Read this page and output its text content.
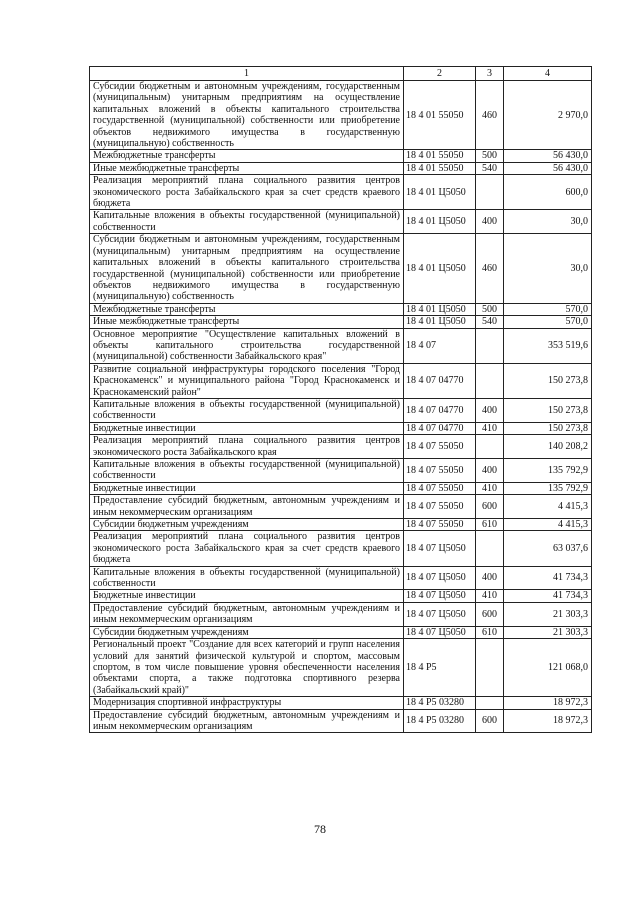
1	2	3	4
Субсидии бюджетным и автономным учреждениям, государственным (муниципальным) унитарным предприятиям на осуществление капитальных вложений в объекты капитального строительства государственной (муниципальной) собственности или приобретение объектов недвижимого имущества в государственную (муниципальную) собственность	18 4 01 55050	460	2 970,0
Межбюджетные трансферты	18 4 01 55050	500	56 430,0
Иные межбюджетные трансферты	18 4 01 55050	540	56 430,0
Реализация мероприятий плана социального развития центров экономического роста Забайкальского края за счет средств краевого бюджета	18 4 01 Ц5050		600,0
Капитальные вложения в объекты государственной (муниципальной) собственности	18 4 01 Ц5050	400	30,0
Субсидии бюджетным и автономным учреждениям, государственным (муниципальным) унитарным предприятиям на осуществление капитальных вложений в объекты капитального строительства государственной (муниципальной) собственности или приобретение объектов недвижимого имущества в государственную (муниципальную) собственность	18 4 01 Ц5050	460	30,0
Межбюджетные трансферты	18 4 01 Ц5050	500	570,0
Иные межбюджетные трансферты	18 4 01 Ц5050	540	570,0
Основное мероприятие "Осуществление капитальных вложений в объекты капитального строительства государственной (муниципальной) собственности Забайкальского края"	18 4 07		353 519,6
Развитие социальной инфраструктуры городского поселения "Город Краснокаменск" и муниципального района "Город Краснокаменск и Краснокаменский район"	18 4 07 04770		150 273,8
Капитальные вложения в объекты государственной (муниципальной) собственности	18 4 07 04770	400	150 273,8
Бюджетные инвестиции	18 4 07 04770	410	150 273,8
Реализация мероприятий плана социального развития центров экономического роста Забайкальского края	18 4 07 55050		140 208,2
Капитальные вложения в объекты государственной (муниципальной) собственности	18 4 07 55050	400	135 792,9
Бюджетные инвестиции	18 4 07 55050	410	135 792,9
Предоставление субсидий бюджетным, автономным учреждениям и иным некоммерческим организациям	18 4 07 55050	600	4 415,3
Субсидии бюджетным учреждениям	18 4 07 55050	610	4 415,3
Реализация мероприятий плана социального развития центров экономического роста Забайкальского края за счет средств краевого бюджета	18 4 07 Ц5050		63 037,6
Капитальные вложения в объекты государственной (муниципальной) собственности	18 4 07 Ц5050	400	41 734,3
Бюджетные инвестиции	18 4 07 Ц5050	410	41 734,3
Предоставление субсидий бюджетным, автономным учреждениям и иным некоммерческим организациям	18 4 07 Ц5050	600	21 303,3
Субсидии бюджетным учреждениям	18 4 07 Ц5050	610	21 303,3
Региональный проект "Создание для всех категорий и групп населения условий для занятий физической культурой и спортом, массовым спортом, в том числе повышение уровня обеспеченности населения объектами спорта, а также подготовка спортивного резерва (Забайкальский край)"	18 4 P5		121 068,0
Модернизация спортивной инфраструктуры	18 4 P5 03280		18 972,3
Предоставление субсидий бюджетным, автономным учреждениям и иным некоммерческим организациям	18 4 P5 03280	600	18 972,3
78
